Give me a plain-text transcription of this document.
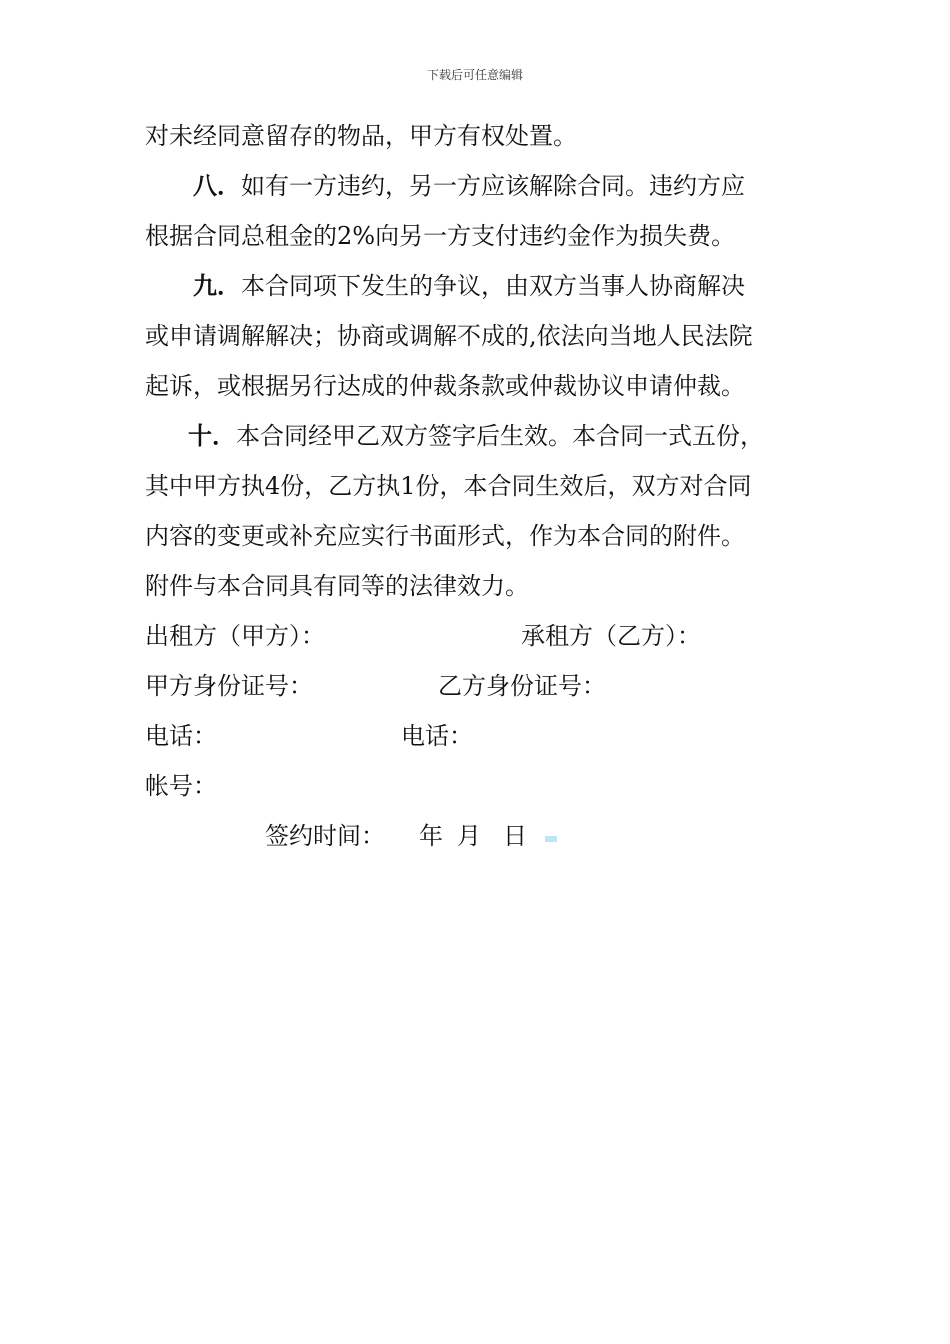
下载后可任意编辑
对未经同意留存的物品，甲方有权处置。
八．如有一方违约，另一方应该解除合同。违约方应
根据合同总租金的2%向另一方支付违约金作为损失费。
九．本合同项下发生的争议，由双方当事人协商解决
或申请调解解决；协商或调解不成的,依法向当地人民法院
起诉，或根据另行达成的仲裁条款或仲裁协议申请仲裁。
十．本合同经甲乙双方签字后生效。本合同一式五份，
其中甲方执4份，乙方执1份，本合同生效后，双方对合同
内容的变更或补充应实行书面形式，作为本合同的附件。
附件与本合同具有同等的法律效力。
出租方（甲方）：	承租方（乙方）：
甲方身份证号：	乙方身份证号：
电话：	电话：
帐号：
签约时间： 年 月 日
